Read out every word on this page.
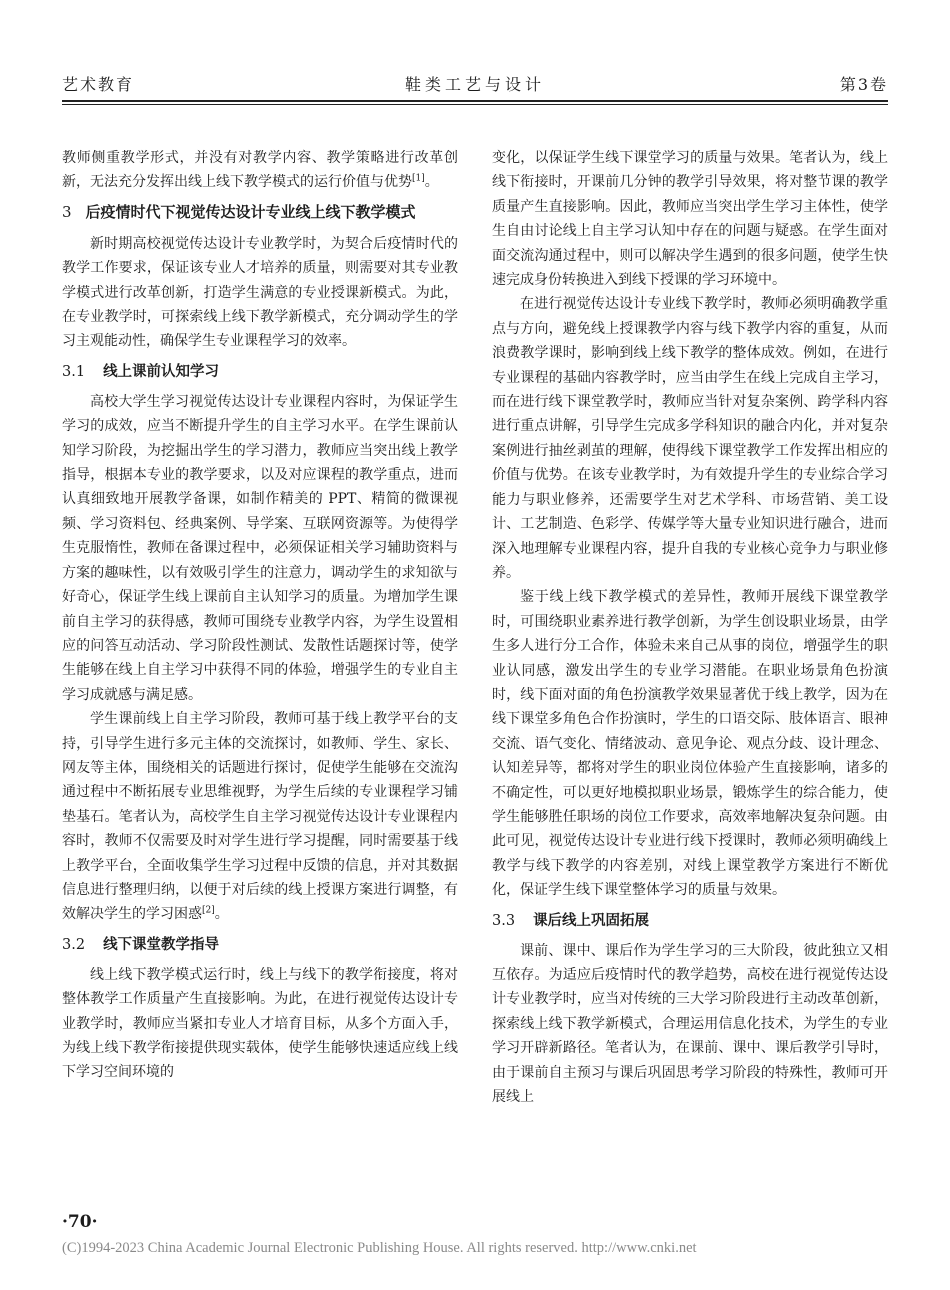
艺术教育	鞋类工艺与设计	第3卷

教师侧重教学形式，并没有对教学内容、教学策略进行改革创新，无法充分发挥出线上线下教学模式的运行价值与优势[1]。

3 后疫情时代下视觉传达设计专业线上线下教学模式

新时期高校视觉传达设计专业教学时，为契合后疫情时代的教学工作要求，保证该专业人才培养的质量，则需要对其专业教学模式进行改革创新，打造学生满意的专业授课新模式。为此，在专业教学时，可探索线上线下教学新模式，充分调动学生的学习主观能动性，确保学生专业课程学习的效率。

3.1 线上课前认知学习

高校大学生学习视觉传达设计专业课程内容时，为保证学生学习的成效，应当不断提升学生的自主学习水平。在学生课前认知学习阶段，为挖掘出学生的学习潜力，教师应当突出线上教学指导，根据本专业的教学要求，以及对应课程的教学重点，进而认真细致地开展教学备课，如制作精美的 PPT、精简的微课视频、学习资料包、经典案例、导学案、互联网资源等。为使得学生克服惰性，教师在备课过程中，必须保证相关学习辅助资料与方案的趣味性，以有效吸引学生的注意力，调动学生的求知欲与好奇心，保证学生线上课前自主认知学习的质量。为增加学生课前自主学习的获得感，教师可围绕专业教学内容，为学生设置相应的问答互动活动、学习阶段性测试、发散性话题探讨等，使学生能够在线上自主学习中获得不同的体验，增强学生的专业自主学习成就感与满足感。

学生课前线上自主学习阶段，教师可基于线上教学平台的支持，引导学生进行多元主体的交流探讨，如教师、学生、家长、网友等主体，围绕相关的话题进行探讨，促使学生能够在交流沟通过程中不断拓展专业思维视野，为学生后续的专业课程学习铺垫基石。笔者认为，高校学生自主学习视觉传达设计专业课程内容时，教师不仅需要及时对学生进行学习提醒，同时需要基于线上教学平台，全面收集学生学习过程中反馈的信息，并对其数据信息进行整理归纳，以便于对后续的线上授课方案进行调整，有效解决学生的学习困惑[2]。

3.2 线下课堂教学指导

线上线下教学模式运行时，线上与线下的教学衔接度，将对整体教学工作质量产生直接影响。为此，在进行视觉传达设计专业教学时，教师应当紧扣专业人才培育目标，从多个方面入手，为线上线下教学衔接提供现实载体，使学生能够快速适应线上线下学习空间环境的

变化，以保证学生线下课堂学习的质量与效果。笔者认为，线上线下衔接时，开课前几分钟的教学引导效果，将对整节课的教学质量产生直接影响。因此，教师应当突出学生学习主体性，使学生自由讨论线上自主学习认知中存在的问题与疑惑。在学生面对面交流沟通过程中，则可以解决学生遇到的很多问题，使学生快速完成身份转换进入到线下授课的学习环境中。

在进行视觉传达设计专业线下教学时，教师必须明确教学重点与方向，避免线上授课教学内容与线下教学内容的重复，从而浪费教学课时，影响到线上线下教学的整体成效。例如，在进行专业课程的基础内容教学时，应当由学生在线上完成自主学习，而在进行线下课堂教学时，教师应当针对复杂案例、跨学科内容进行重点讲解，引导学生完成多学科知识的融合内化，并对复杂案例进行抽丝剥茧的理解，使得线下课堂教学工作发挥出相应的价值与优势。在该专业教学时，为有效提升学生的专业综合学习能力与职业修养，还需要学生对艺术学科、市场营销、美工设计、工艺制造、色彩学、传媒学等大量专业知识进行融合，进而深入地理解专业课程内容，提升自我的专业核心竞争力与职业修养。

鉴于线上线下教学模式的差异性，教师开展线下课堂教学时，可围绕职业素养进行教学创新，为学生创设职业场景，由学生多人进行分工合作，体验未来自己从事的岗位，增强学生的职业认同感，激发出学生的专业学习潜能。在职业场景角色扮演时，线下面对面的角色扮演教学效果显著优于线上教学，因为在线下课堂多角色合作扮演时，学生的口语交际、肢体语言、眼神交流、语气变化、情绪波动、意见争论、观点分歧、设计理念、认知差异等，都将对学生的职业岗位体验产生直接影响，诸多的不确定性，可以更好地模拟职业场景，锻炼学生的综合能力，使学生能够胜任职场的岗位工作要求，高效率地解决复杂问题。由此可见，视觉传达设计专业进行线下授课时，教师必须明确线上教学与线下教学的内容差别，对线上课堂教学方案进行不断优化，保证学生线下课堂整体学习的质量与效果。

3.3 课后线上巩固拓展

课前、课中、课后作为学生学习的三大阶段，彼此独立又相互依存。为适应后疫情时代的教学趋势，高校在进行视觉传达设计专业教学时，应当对传统的三大学习阶段进行主动改革创新，探索线上线下教学新模式，合理运用信息化技术，为学生的专业学习开辟新路径。笔者认为，在课前、课中、课后教学引导时，由于课前自主预习与课后巩固思考学习阶段的特殊性，教师可开展线上

·70·
(C)1994-2023 China Academic Journal Electronic Publishing House. All rights reserved. http://www.cnki.net
